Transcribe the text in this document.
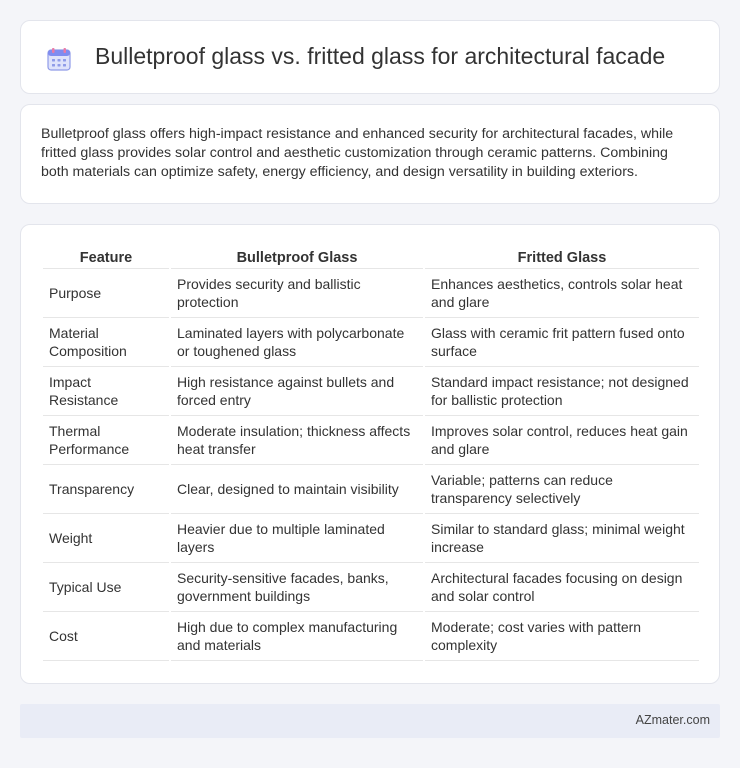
Bulletproof glass vs. fritted glass for architectural facade

Bulletproof glass offers high-impact resistance and enhanced security for architectural facades, while fritted glass provides solar control and aesthetic customization through ceramic patterns. Combining both materials can optimize safety, energy efficiency, and design versatility in building exteriors.

Feature	Bulletproof Glass	Fritted Glass
Purpose	Provides security and ballistic protection	Enhances aesthetics, controls solar heat and glare
Material Composition	Laminated layers with polycarbonate or toughened glass	Glass with ceramic frit pattern fused onto surface
Impact Resistance	High resistance against bullets and forced entry	Standard impact resistance; not designed for ballistic protection
Thermal Performance	Moderate insulation; thickness affects heat transfer	Improves solar control, reduces heat gain and glare
Transparency	Clear, designed to maintain visibility	Variable; patterns can reduce transparency selectively
Weight	Heavier due to multiple laminated layers	Similar to standard glass; minimal weight increase
Typical Use	Security-sensitive facades, banks, government buildings	Architectural facades focusing on design and solar control
Cost	High due to complex manufacturing and materials	Moderate; cost varies with pattern complexity
AZmater.com
